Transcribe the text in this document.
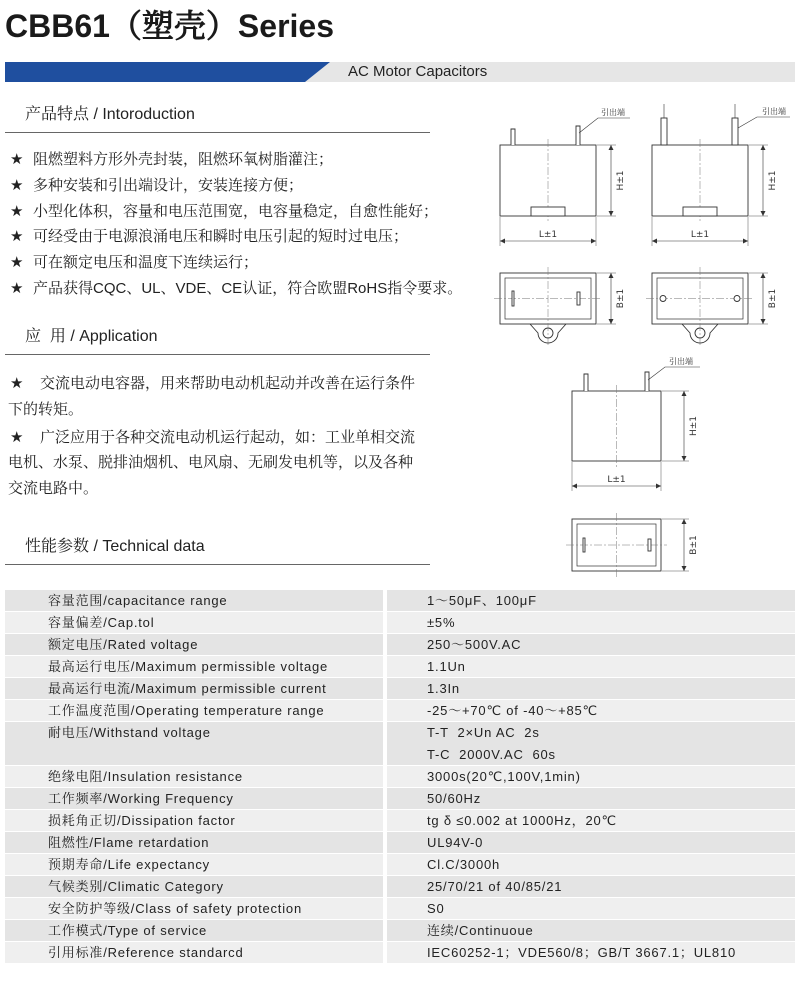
CBB61（塑壳）Series
AC Motor Capacitors
产品特点 / Intoroduction
★ 阻燃塑料方形外壳封装，阻燃环氧树脂灌注；
★ 多种安装和引出端设计，安装连接方便；
★ 小型化体积，容量和电压范围宽，电容量稳定，自愈性能好；
★ 可经受由于电源浪涌电压和瞬时电压引起的短时过电压；
★ 可在额定电压和温度下连续运行；
★ 产品获得CQC、UL、VDE、CE认证，符合欧盟RoHS指令要求。
应  用 / Application
★ 交流电动电容器，用来帮助电动机起动并改善在运行条件
下的转矩。
★ 广泛应用于各种交流电动机运行起动，如：工业单相交流
电机、水泵、脱排油烟机、电风扇、无刷发电机等，以及各种
交流电路中。
性能参数 / Technical data
容量范围/capacitance range	1～50μF、100μF
容量偏差/Cap.tol	±5%
额定电压/Rated voltage	250～500V.AC
最高运行电压/Maximum permissible voltage	1.1Un
最高运行电流/Maximum permissible current	1.3In
工作温度范围/Operating temperature range	-25～+70℃ of -40～+85℃
耐电压/Withstand voltage	T-T  2×Un AC  2s
T-C  2000V.AC  60s
绝缘电阻/Insulation resistance	3000s(20℃,100V,1min)
工作频率/Working Frequency	50/60Hz
损耗角正切/Dissipation factor	tg δ ≤0.002 at 1000Hz，20℃
阻燃性/Flame retardation	UL94V-0
预期寿命/Life expectancy	Cl.C/3000h
气候类别/Climatic Category	25/70/21 of 40/85/21
安全防护等级/Class of safety protection	S0
工作模式/Type of service	连续/Continuoue
引用标准/Reference standarcd	IEC60252-1；VDE560/8；GB/T 3667.1；UL810
引出端
H±1
L±1
引出端
H±1
L±1
B±1	B±1
引出端
H±1
L±1
B±1
